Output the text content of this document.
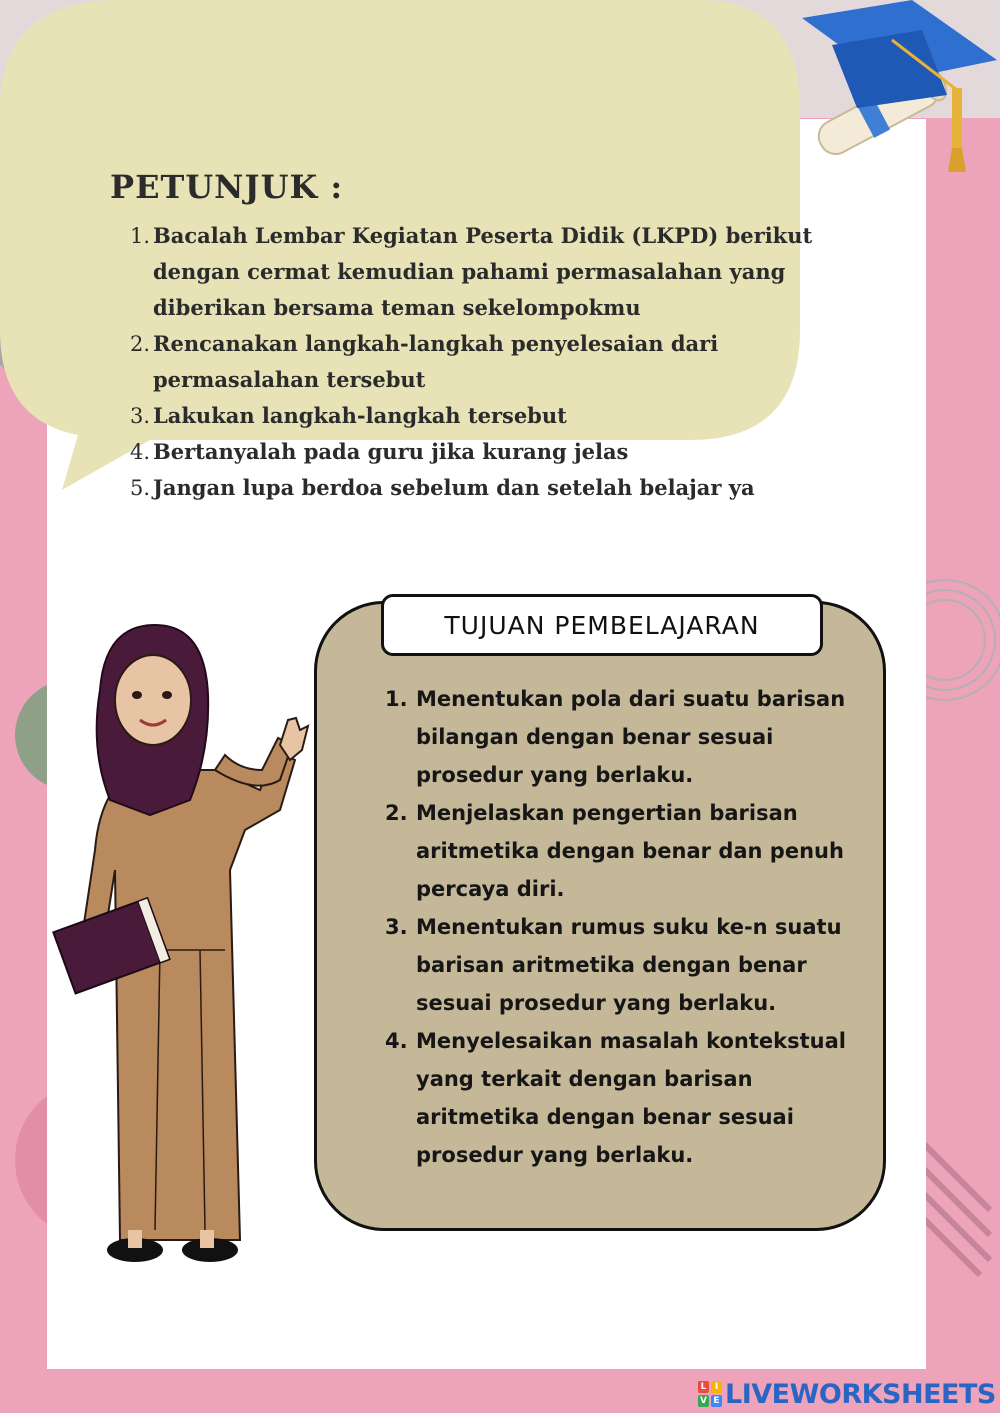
PETUNJUK :
1. Bacalah Lembar Kegiatan Peserta Didik (LKPD) berikut dengan cermat kemudian pahami permasalahan yang diberikan bersama teman sekelompokmu
2. Rencanakan langkah-langkah penyelesaian dari permasalahan tersebut
3. Lakukan langkah-langkah tersebut
4. Bertanyalah pada guru jika kurang jelas
5. Jangan lupa berdoa sebelum dan setelah belajar ya
TUJUAN PEMBELAJARAN
1. Menentukan pola dari suatu barisan bilangan dengan benar sesuai prosedur yang berlaku.
2. Menjelaskan pengertian barisan aritmetika dengan benar dan penuh percaya diri.
3. Menentukan rumus suku ke-n suatu barisan aritmetika dengan benar sesuai prosedur yang berlaku.
4. Menyelesaikan masalah kontekstual yang terkait dengan barisan aritmetika dengan benar sesuai prosedur yang berlaku.
L I
V E LIVEWORKSHEETS
